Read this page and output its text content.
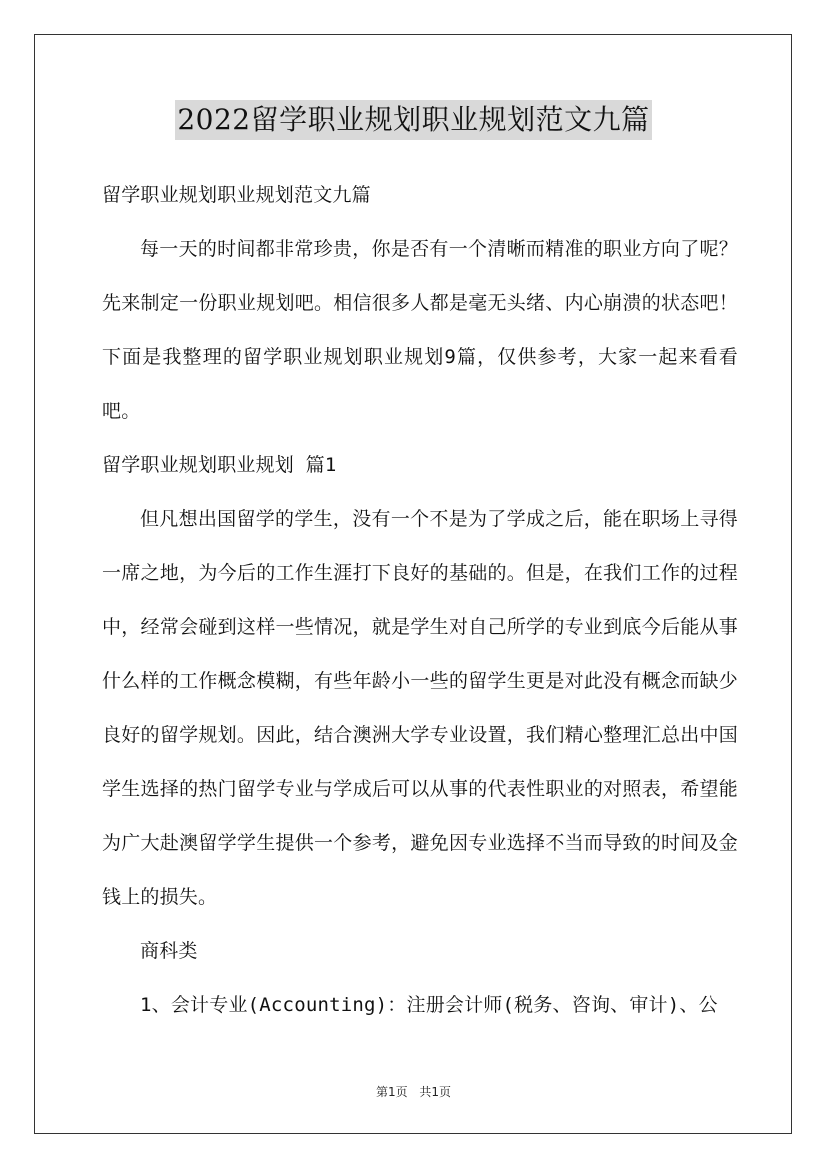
2022留学职业规划职业规划范文九篇

留学职业规划职业规划范文九篇

每一天的时间都非常珍贵，你是否有一个清晰而精准的职业方向了呢？先来制定一份职业规划吧。相信很多人都是毫无头绪、内心崩溃的状态吧！下面是我整理的留学职业规划职业规划9篇，仅供参考，大家一起来看看吧。

留学职业规划职业规划 篇1

但凡想出国留学的学生，没有一个不是为了学成之后，能在职场上寻得一席之地，为今后的工作生涯打下良好的基础的。但是，在我们工作的过程中，经常会碰到这样一些情况，就是学生对自己所学的专业到底今后能从事什么样的工作概念模糊，有些年龄小一些的留学生更是对此没有概念而缺少良好的留学规划。因此，结合澳洲大学专业设置，我们精心整理汇总出中国学生选择的热门留学专业与学成后可以从事的代表性职业的对照表，希望能为广大赴澳留学学生提供一个参考，避免因专业选择不当而导致的时间及金钱上的损失。

商科类

1、会计专业(Accounting)：注册会计师(税务、咨询、审计)、公

第1页 共1页
